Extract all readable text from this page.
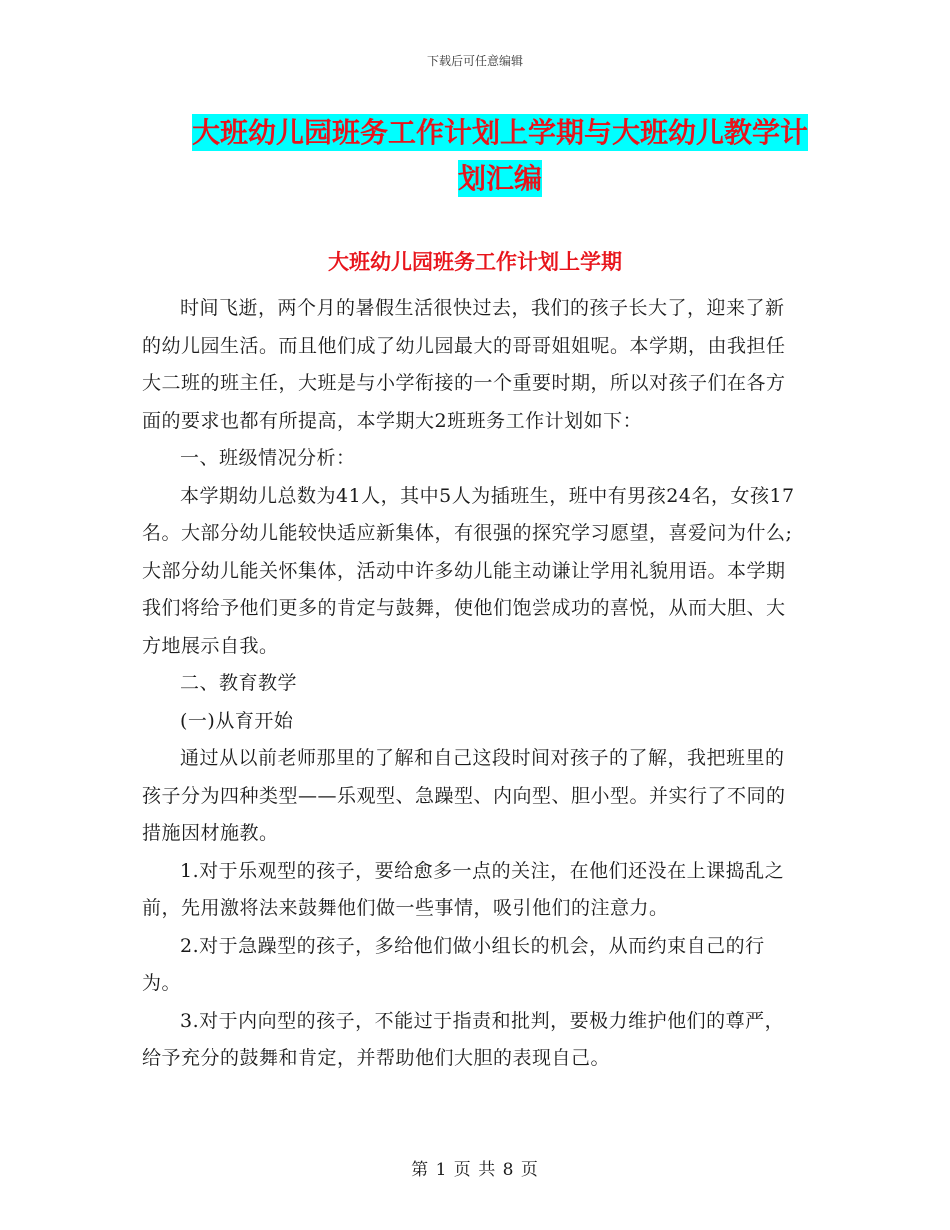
下载后可任意编辑
大班幼儿园班务工作计划上学期与大班幼儿教学计划汇编
大班幼儿园班务工作计划上学期

时间飞逝，两个月的暑假生活很快过去，我们的孩子长大了，迎来了新的幼儿园生活。而且他们成了幼儿园最大的哥哥姐姐呢。本学期，由我担任大二班的班主任，大班是与小学衔接的一个重要时期，所以对孩子们在各方面的要求也都有所提高，本学期大2班班务工作计划如下：

一、班级情况分析：

本学期幼儿总数为41人，其中5人为插班生，班中有男孩24名，女孩17名。大部分幼儿能较快适应新集体，有很强的探究学习愿望，喜爱问为什么;大部分幼儿能关怀集体，活动中许多幼儿能主动谦让学用礼貌用语。本学期我们将给予他们更多的肯定与鼓舞，使他们饱尝成功的喜悦，从而大胆、大方地展示自我。

二、教育教学

(一)从育开始

通过从以前老师那里的了解和自己这段时间对孩子的了解，我把班里的孩子分为四种类型——乐观型、急躁型、内向型、胆小型。并实行了不同的措施因材施教。

1.对于乐观型的孩子，要给愈多一点的关注，在他们还没在上课捣乱之前，先用激将法来鼓舞他们做一些事情，吸引他们的注意力。

2.对于急躁型的孩子，多给他们做小组长的机会，从而约束自己的行为。

3.对于内向型的孩子，不能过于指责和批判，要极力维护他们的尊严，给予充分的鼓舞和肯定，并帮助他们大胆的表现自己。

第 1 页 共 8 页
